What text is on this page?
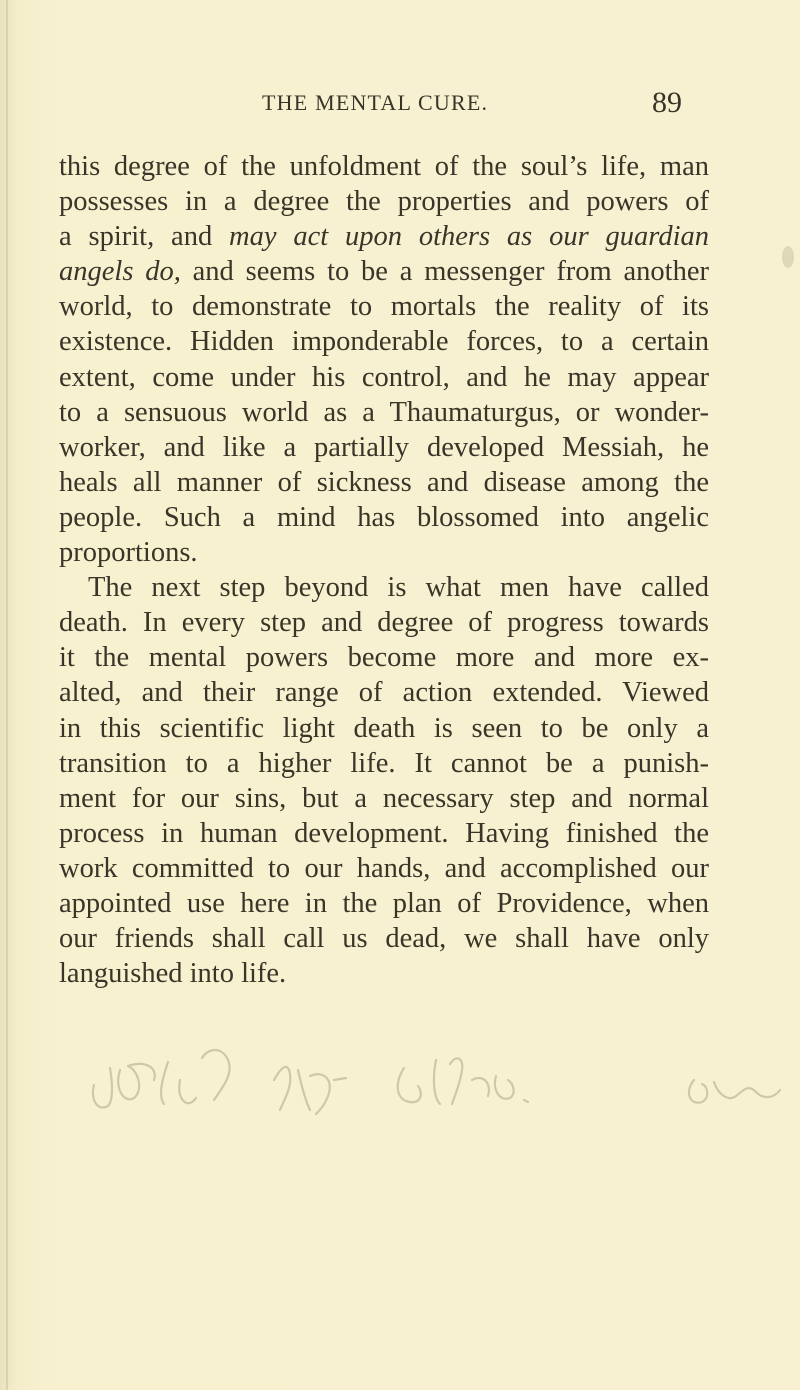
THE MENTAL CURE.	89
this degree of the unfoldment of the soul’s life, man
possesses in a degree the properties and powers of
a spirit, and may act upon others as our guardian
angels do, and seems to be a messenger from another
world, to demonstrate to mortals the reality of its
existence. Hidden imponderable forces, to a certain
extent, come under his control, and he may appear
to a sensuous world as a Thaumaturgus, or wonder-
worker, and like a partially developed Messiah, he
heals all manner of sickness and disease among the
people. Such a mind has blossomed into angelic
proportions.
The next step beyond is what men have called
death. In every step and degree of progress towards
it the mental powers become more and more ex-
alted, and their range of action extended. Viewed
in this scientific light death is seen to be only a
transition to a higher life. It cannot be a punish-
ment for our sins, but a necessary step and normal
process in human development. Having finished the
work committed to our hands, and accomplished our
appointed use here in the plan of Providence, when
our friends shall call us dead, we shall have only
languished into life.
